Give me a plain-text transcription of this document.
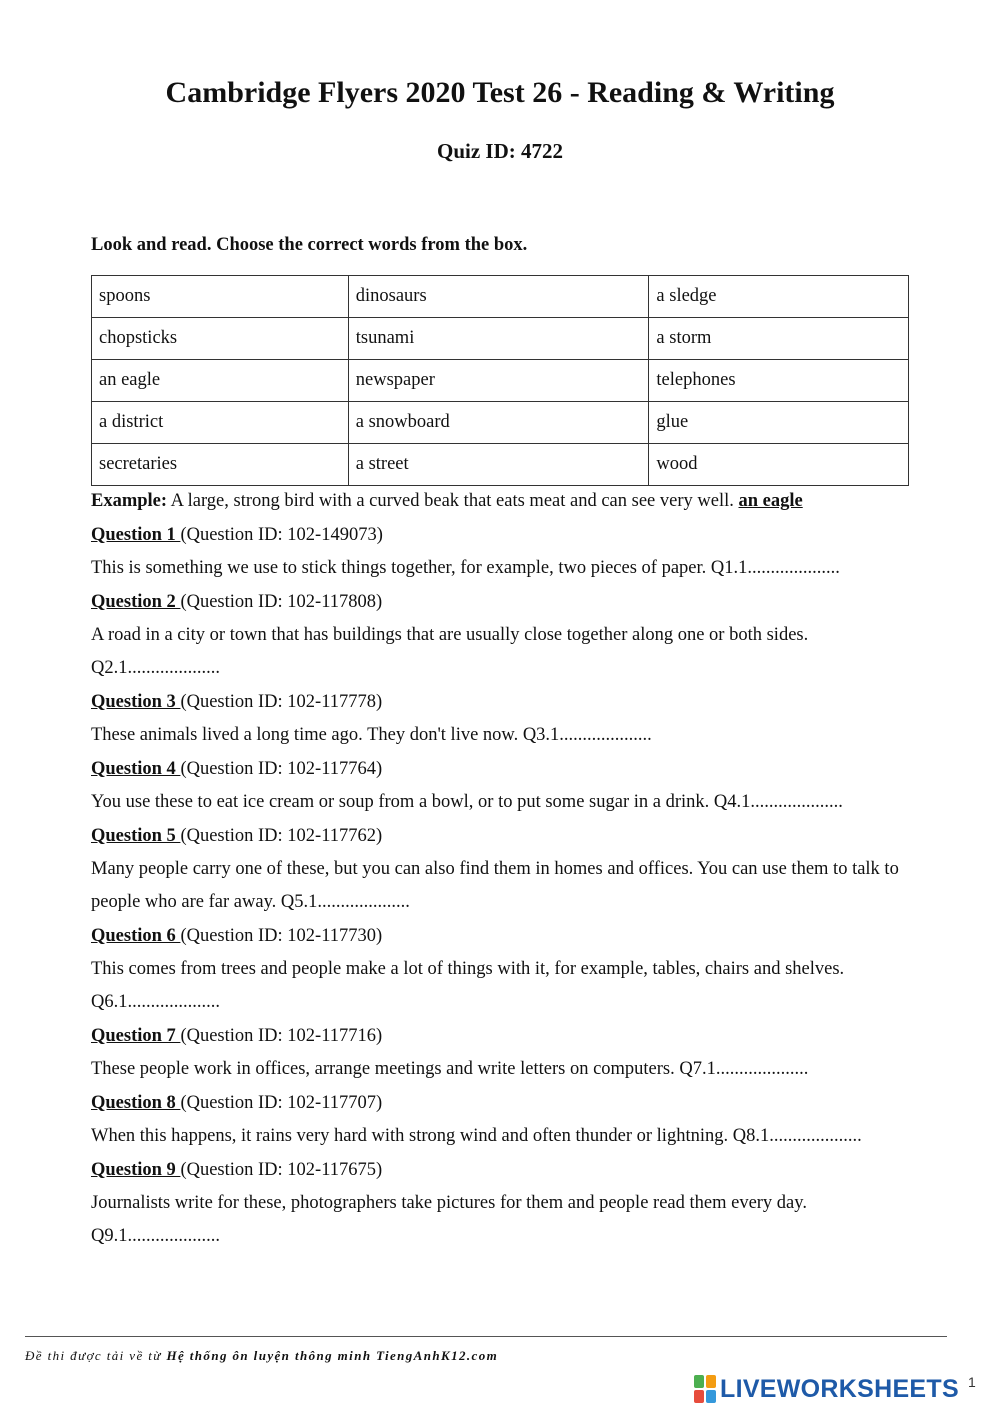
Cambridge Flyers 2020 Test 26 - Reading & Writing
Quiz ID: 4722
Look and read. Choose the correct words from the box.
spoons	dinosaurs	a sledge
chopsticks	tsunami	a storm
an eagle	newspaper	telephones
a district	a snowboard	glue
secretaries	a street	wood

Example: A large, strong bird with a curved beak that eats meat and can see very well. an eagle

Question 1 (Question ID: 102-149073)

This is something we use to stick things together, for example, two pieces of paper. Q1.1....................

Question 2 (Question ID: 102-117808)

A road in a city or town that has buildings that are usually close together along one or both sides. Q2.1....................

Question 3 (Question ID: 102-117778)

These animals lived a long time ago. They don't live now. Q3.1....................

Question 4 (Question ID: 102-117764)

You use these to eat ice cream or soup from a bowl, or to put some sugar in a drink. Q4.1....................

Question 5 (Question ID: 102-117762)

Many people carry one of these, but you can also find them in homes and offices. You can use them to talk to people who are far away. Q5.1....................

Question 6 (Question ID: 102-117730)

This comes from trees and people make a lot of things with it, for example, tables, chairs and shelves. Q6.1....................

Question 7 (Question ID: 102-117716)

These people work in offices, arrange meetings and write letters on computers. Q7.1....................

Question 8 (Question ID: 102-117707)

When this happens, it rains very hard with strong wind and often thunder or lightning. Q8.1....................

Question 9 (Question ID: 102-117675)

Journalists write for these, photographers take pictures for them and people read them every day. Q9.1....................

Đề thi được tải về từ Hệ thống ôn luyện thông minh TiengAnhK12.com
LIVEWORKSHEETS 1
